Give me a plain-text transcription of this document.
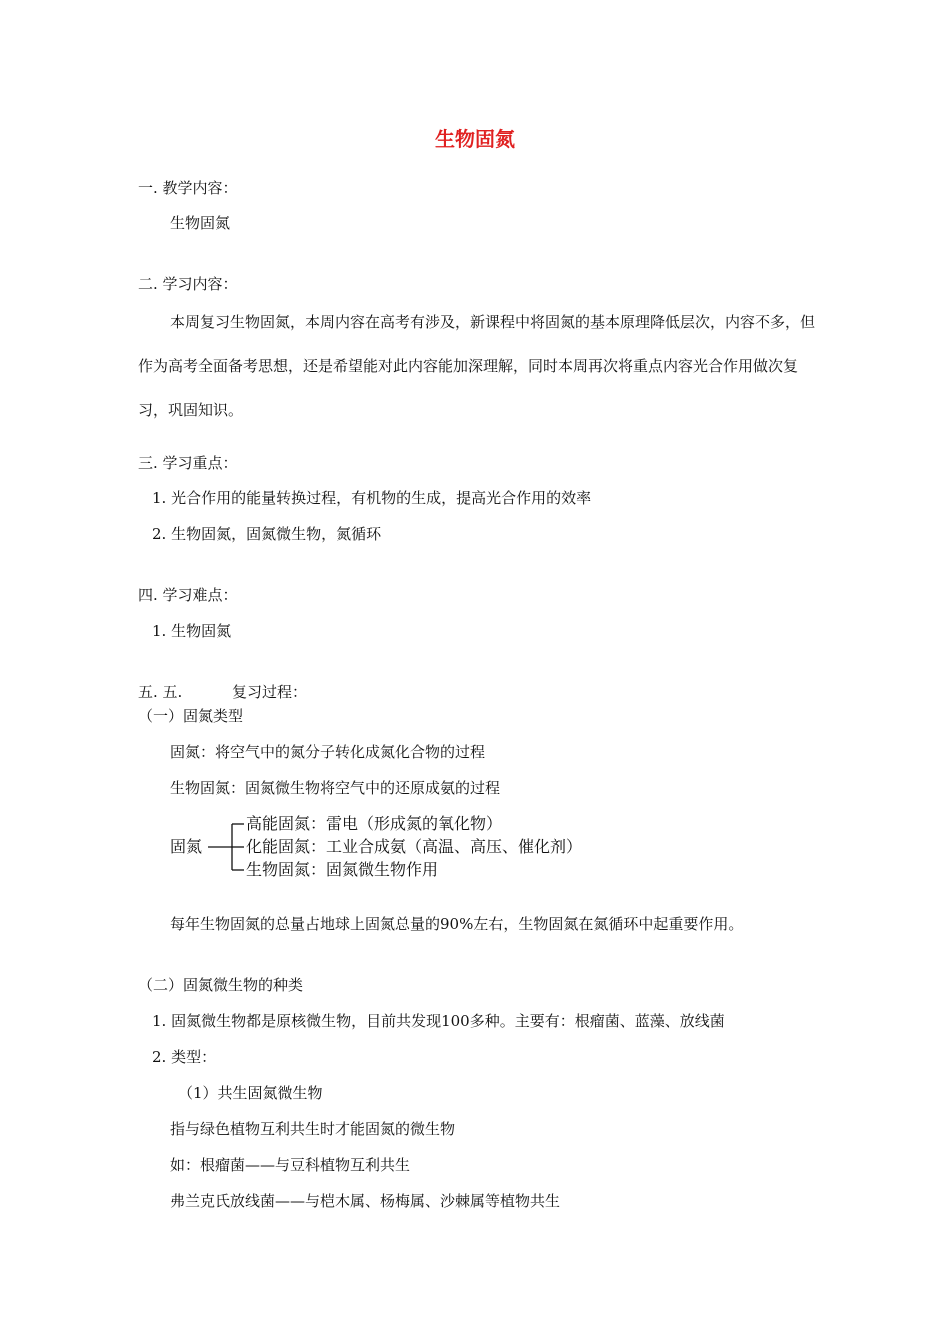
生物固氮
一. 教学内容：
生物固氮
二. 学习内容：
本周复习生物固氮，本周内容在高考有涉及，新课程中将固氮的基本原理降低层次，内容不多，但作为高考全面备考思想，还是希望能对此内容能加深理解，同时本周再次将重点内容光合作用做次复习，巩固知识。
三. 学习重点：
1. 光合作用的能量转换过程，有机物的生成，提高光合作用的效率
2. 生物固氮，固氮微生物，氮循环
四. 学习难点：
1. 生物固氮
五. 五.	复习过程：
（一）固氮类型
固氮：将空气中的氮分子转化成氮化合物的过程
生物固氮：固氮微生物将空气中的还原成氨的过程
固氮
高能固氮：雷电（形成氮的氧化物）
化能固氮：工业合成氨（高温、高压、催化剂）
生物固氮：固氮微生物作用
每年生物固氮的总量占地球上固氮总量的90%左右，生物固氮在氮循环中起重要作用。
（二）固氮微生物的种类
1. 固氮微生物都是原核微生物，目前共发现100多种。主要有：根瘤菌、蓝藻、放线菌
2. 类型：
（1）共生固氮微生物
指与绿色植物互利共生时才能固氮的微生物
如：根瘤菌——与豆科植物互利共生
弗兰克氏放线菌——与桤木属、杨梅属、沙棘属等植物共生
